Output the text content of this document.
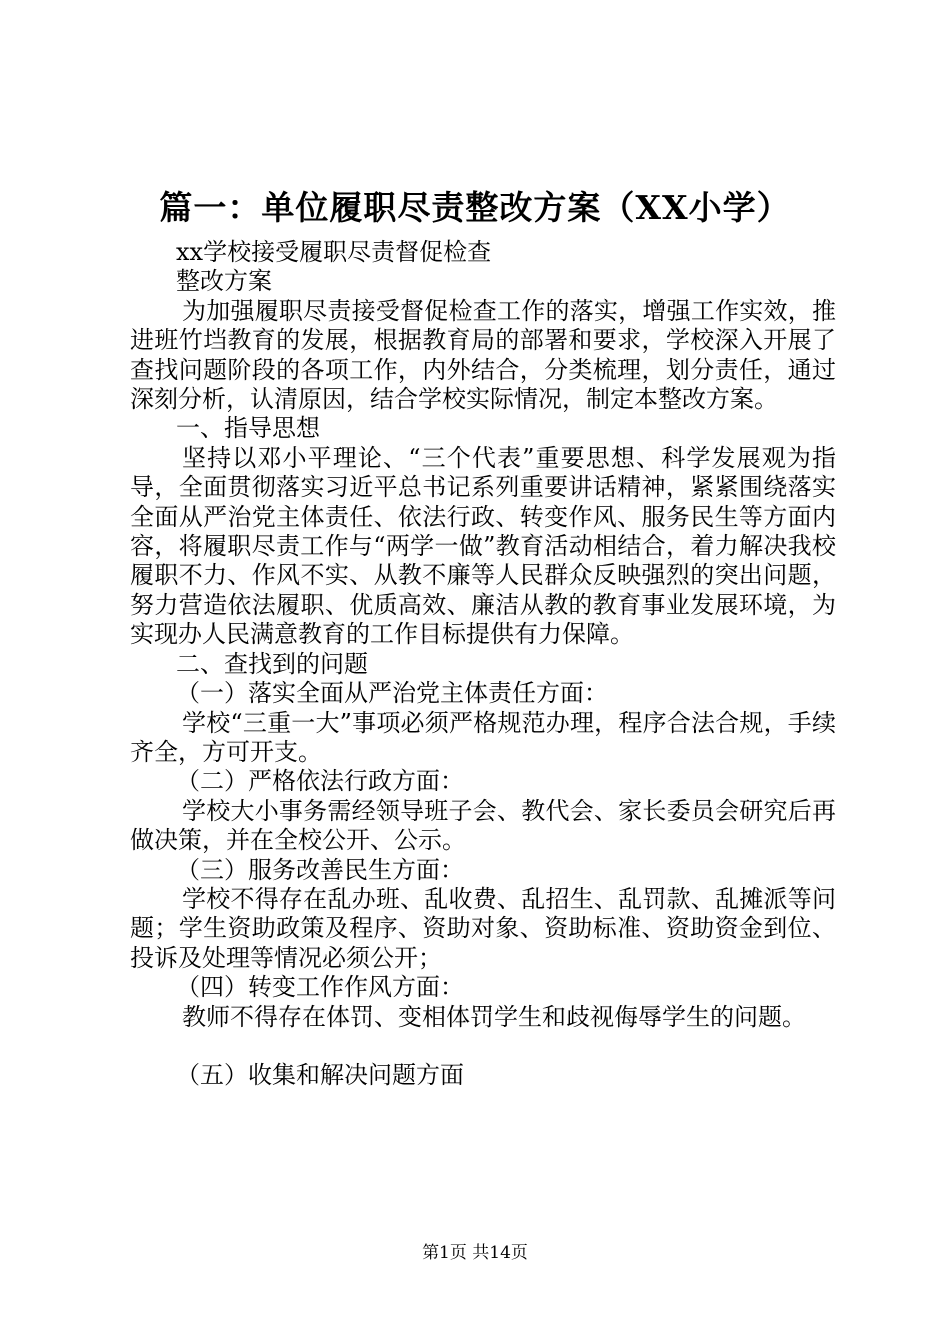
篇一：单位履职尽责整改方案（XX小学）

xx学校接受履职尽责督促检查

整改方案

为加强履职尽责接受督促检查工作的落实，增强工作实效，推进班竹垱教育的发展，根据教育局的部署和要求，学校深入开展了查找问题阶段的各项工作，内外结合，分类梳理，划分责任，通过深刻分析，认清原因，结合学校实际情况，制定本整改方案。

一、指导思想

坚持以邓小平理论、“三个代表”重要思想、科学发展观为指导，全面贯彻落实习近平总书记系列重要讲话精神，紧紧围绕落实全面从严治党主体责任、依法行政、转变作风、服务民生等方面内容，将履职尽责工作与“两学一做”教育活动相结合，着力解决我校履职不力、作风不实、从教不廉等人民群众反映强烈的突出问题，努力营造依法履职、优质高效、廉洁从教的教育事业发展环境，为实现办人民满意教育的工作目标提供有力保障。

二、查找到的问题

（一）落实全面从严治党主体责任方面：

学校“三重一大”事项必须严格规范办理，程序合法合规，手续齐全，方可开支。

（二）严格依法行政方面：

学校大小事务需经领导班子会、教代会、家长委员会研究后再做决策，并在全校公开、公示。

（三）服务改善民生方面：

学校不得存在乱办班、乱收费、乱招生、乱罚款、乱摊派等问题；学生资助政策及程序、资助对象、资助标准、资助资金到位、投诉及处理等情况必须公开；

（四）转变工作作风方面：

教师不得存在体罚、变相体罚学生和歧视侮辱学生的问题。

（五）收集和解决问题方面

第1页 共14页
